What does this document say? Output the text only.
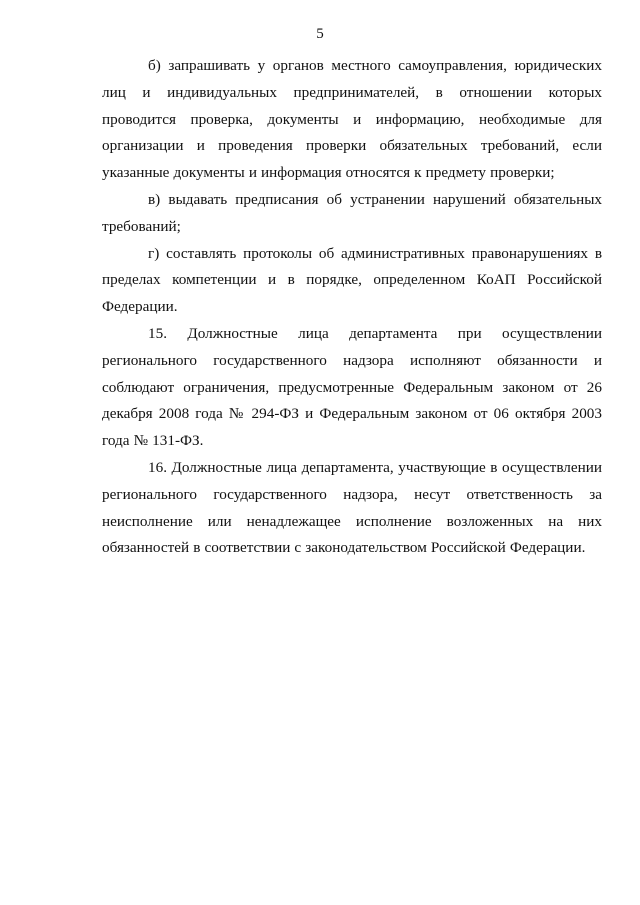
5

б) запрашивать у органов местного самоуправления, юридических лиц и индивидуальных предпринимателей, в отношении которых проводится проверка, документы и информацию, необходимые для организации и проведения проверки обязательных требований, если указанные документы и информация относятся к предмету проверки;

в) выдавать предписания об устранении нарушений обязательных требований;

г) составлять протоколы об административных правонарушениях в пределах компетенции и в порядке, определенном КоАП Российской Федерации.

15. Должностные лица департамента при осуществлении регионального государственного надзора исполняют обязанности и соблюдают ограничения, предусмотренные Федеральным законом от 26 декабря 2008 года № 294-ФЗ и Федеральным законом от 06 октября 2003 года № 131-ФЗ.

16. Должностные лица департамента, участвующие в осуществлении регионального государственного надзора, несут ответственность за неисполнение или ненадлежащее исполнение возложенных на них обязанностей в соответствии с законодательством Российской Федерации.
